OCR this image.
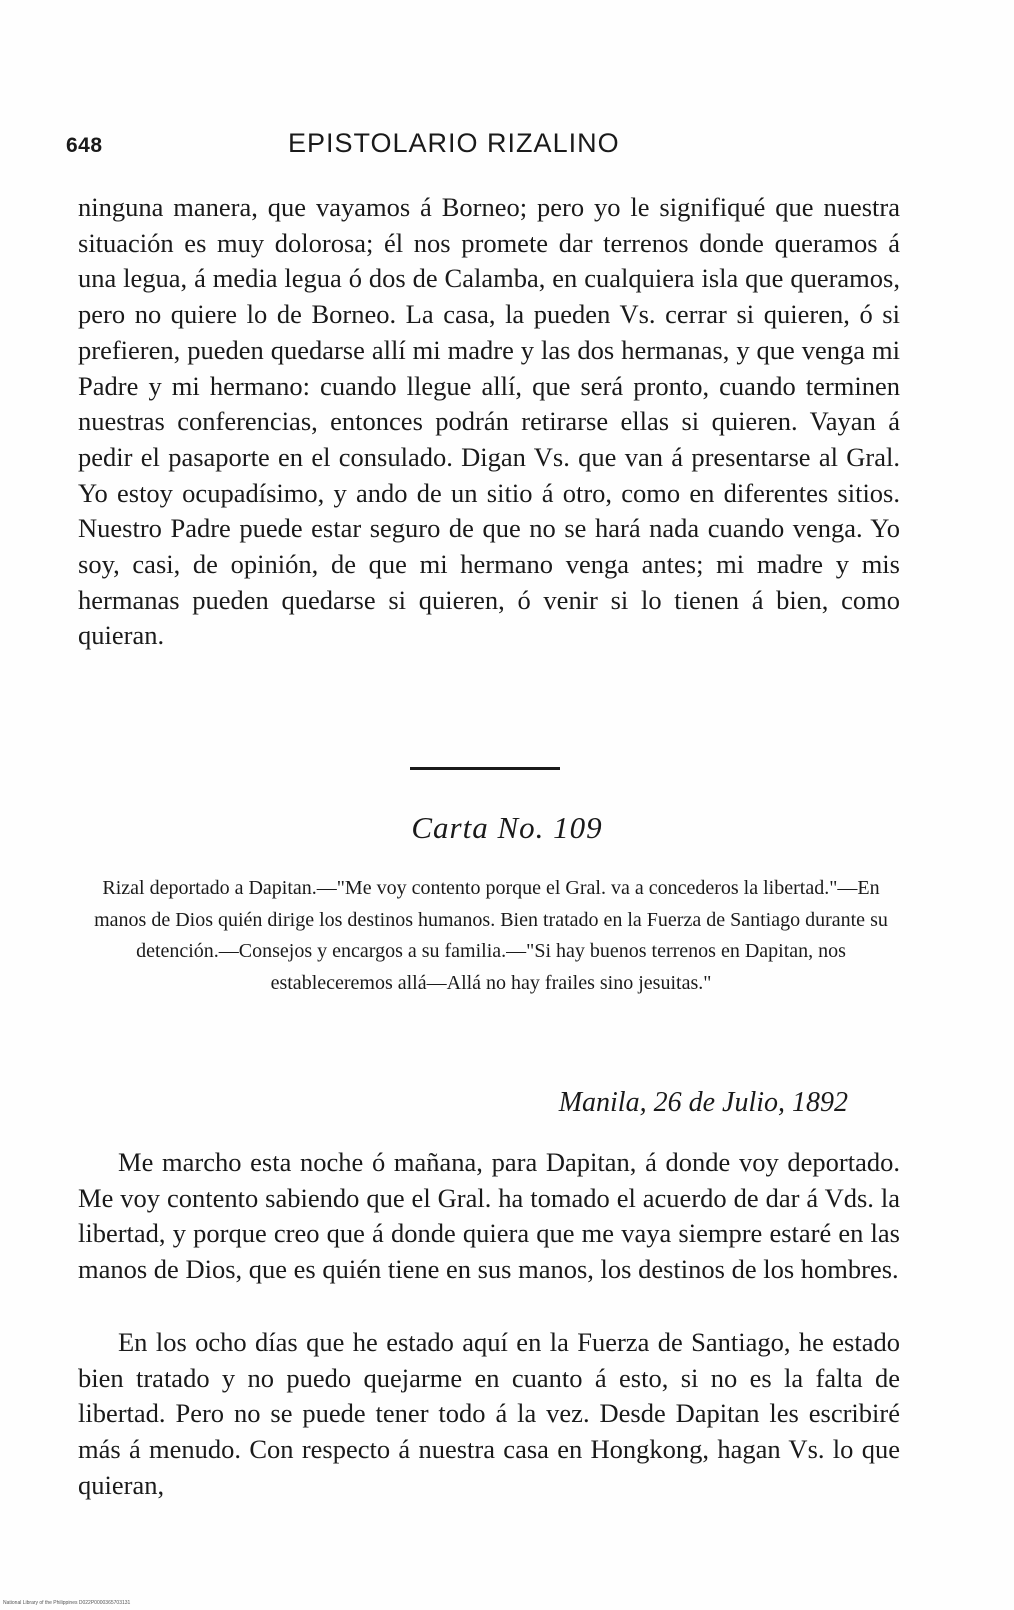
648	EPISTOLARIO RIZALINO

ninguna manera, que vayamos á Borneo; pero yo le signifiqué que nuestra situación es muy dolorosa; él nos promete dar terrenos donde queramos á una legua, á media legua ó dos de Calamba, en cualquiera isla que queramos, pero no quiere lo de Borneo. La casa, la pueden Vs. cerrar si quieren, ó si prefieren, pueden quedarse allí mi madre y las dos hermanas, y que venga mi Padre y mi hermano: cuando llegue allí, que será pronto, cuando terminen nuestras conferencias, entonces podrán retirarse ellas si quieren. Vayan á pedir el pasaporte en el consulado. Digan Vs. que van á presentarse al Gral. Yo estoy ocupadísimo, y ando de un sitio á otro, como en diferentes sitios. Nuestro Padre puede estar seguro de que no se hará nada cuando venga. Yo soy, casi, de opinión, de que mi hermano venga antes; mi madre y mis hermanas pueden quedarse si quieren, ó venir si lo tienen á bien, como quieran.

Carta No. 109

Rizal deportado a Dapitan.—"Me voy contento porque el Gral. va a concederos la libertad."—En manos de Dios quién dirige los destinos humanos. Bien tratado en la Fuerza de Santiago durante su detención.—Consejos y encargos a su familia.—"Si hay buenos terrenos en Dapitan, nos estableceremos allá—Allá no hay frailes sino jesuitas."

Manila, 26 de Julio, 1892

Me marcho esta noche ó mañana, para Dapitan, á donde voy deportado. Me voy contento sabiendo que el Gral. ha tomado el acuerdo de dar á Vds. la libertad, y porque creo que á donde quiera que me vaya siempre estaré en las manos de Dios, que es quién tiene en sus manos, los destinos de los hombres.

En los ocho días que he estado aquí en la Fuerza de Santiago, he estado bien tratado y no puedo quejarme en cuanto á esto, si no es la falta de libertad. Pero no se puede tener todo á la vez. Desde Dapitan les escribiré más á menudo. Con respecto á nuestra casa en Hongkong, hagan Vs. lo que quieran,

National Library of the Philippines D022P0000365703131
